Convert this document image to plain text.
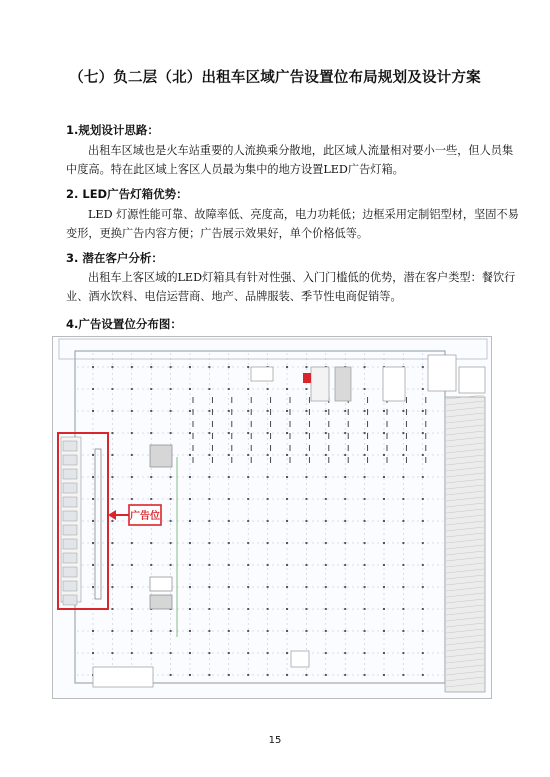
（七）负二层（北）出租车区域广告设置位布局规划及设计方案
1.规划设计思路：
出租车区域也是火车站重要的人流换乘分散地，此区域人流量相对要小一些，但人员集
中度高。特在此区域上客区人员最为集中的地方设置LED广告灯箱。
2. LED广告灯箱优势：
LED 灯源性能可靠、故障率低、亮度高，电力功耗低；边框采用定制铝型材，坚固不易
变形，更换广告内容方便；广告展示效果好，单个价格低等。
3. 潜在客户分析：
出租车上客区域的LED灯箱具有针对性强、入门门槛低的优势，潜在客户类型：餐饮行
业、酒水饮料、电信运营商、地产、品牌服装、季节性电商促销等。
4.广告设置位分布图：
广告位
15
